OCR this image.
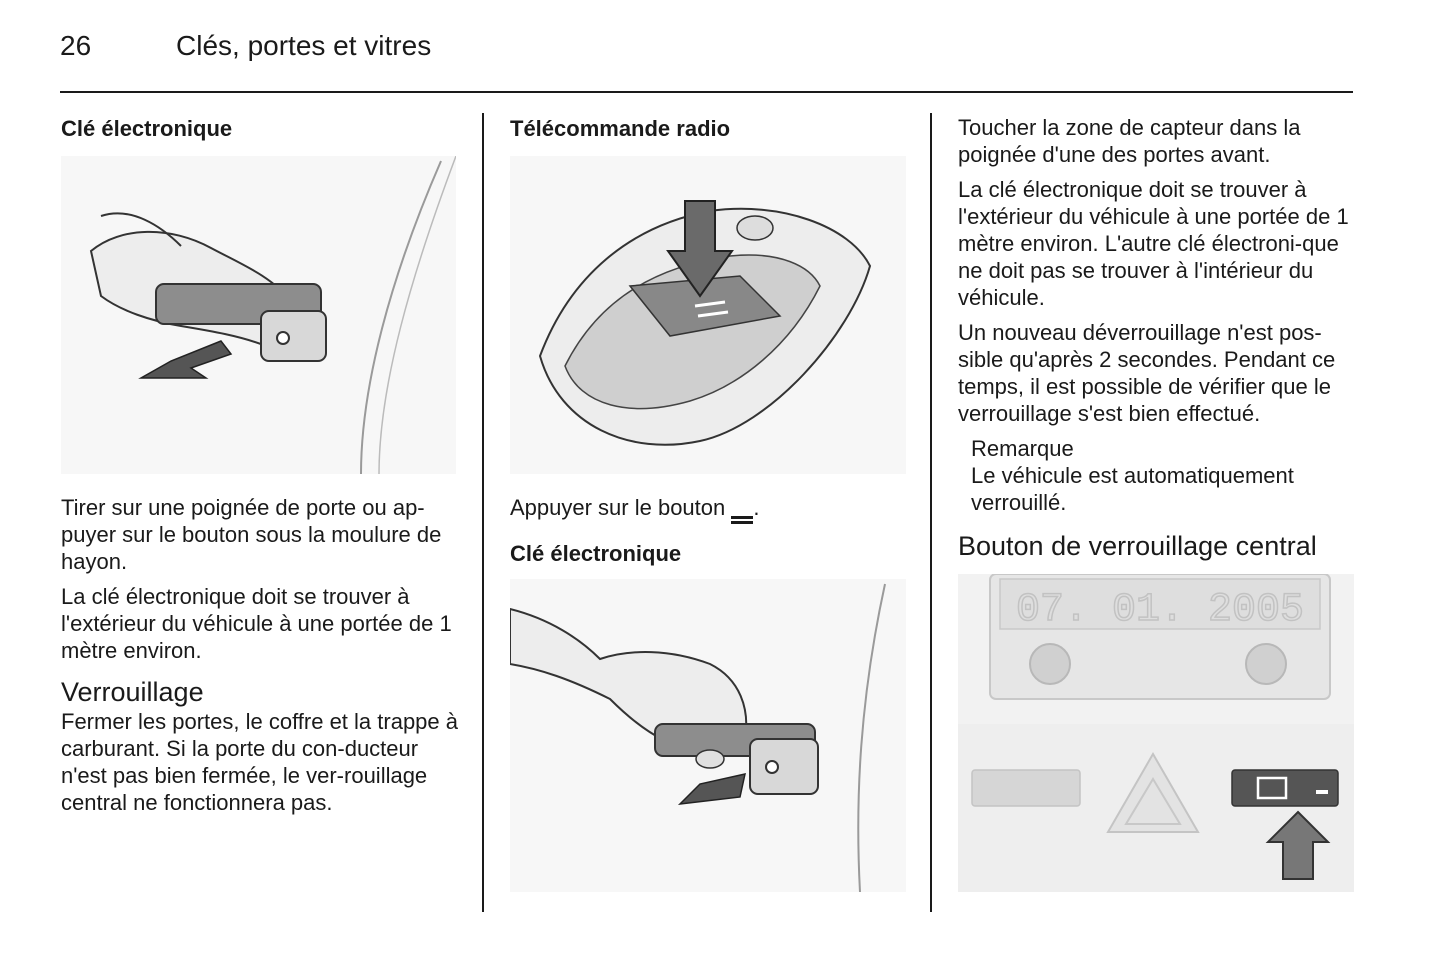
26	Clés, portes et vitres
Clé électronique

Tirer sur une poignée de porte ou ap-puyer sur le bouton sous la moulure de hayon.

La clé électronique doit se trouver à l'extérieur du véhicule à une portée de 1 mètre environ.

Verrouillage

Fermer les portes, le coffre et la trappe à carburant. Si la porte du con-ducteur n'est pas bien fermée, le ver-rouillage central ne fonctionnera pas.

Télécommande radio

Appuyer sur le bouton .

Clé électronique

Toucher la zone de capteur dans la poignée d'une des portes avant.

La clé électronique doit se trouver à l'extérieur du véhicule à une portée de 1 mètre environ. L'autre clé électroni-que ne doit pas se trouver à l'intérieur du véhicule.

Un nouveau déverrouillage n'est pos-sible qu'après 2 secondes. Pendant ce temps, il est possible de vérifier que le verrouillage s'est bien effectué.

Remarque
Le véhicule est automatiquement verrouillé.
Bouton de verrouillage central
07. 01. 2005
